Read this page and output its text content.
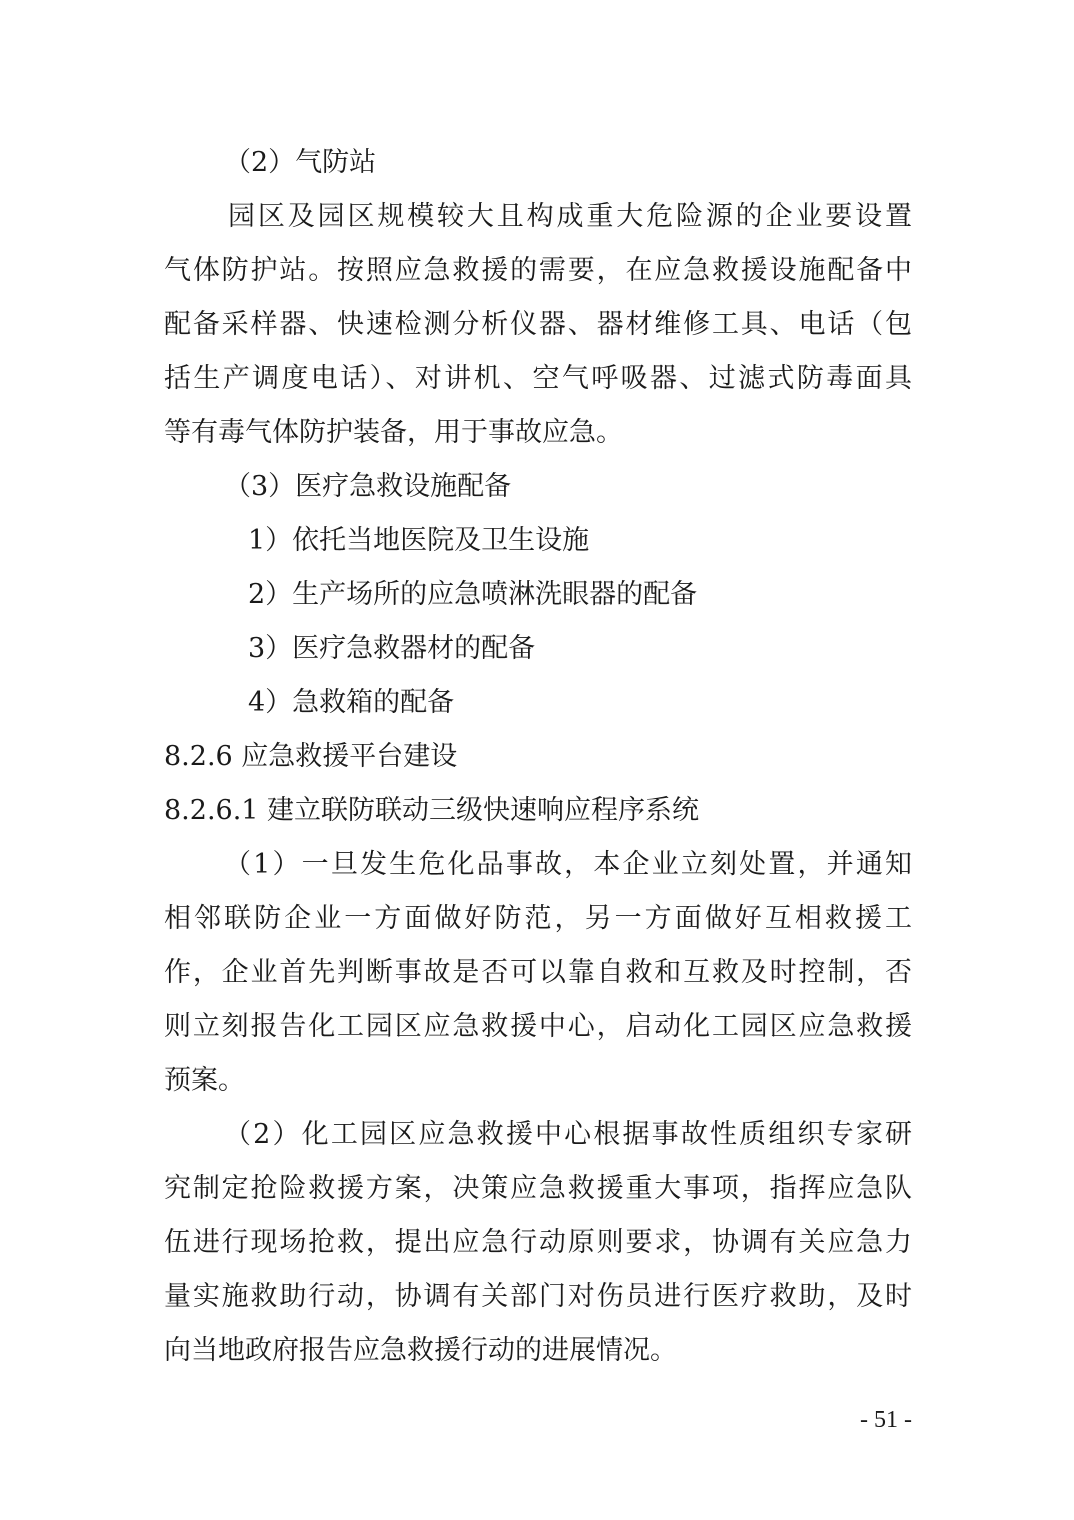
（2）气防站
园区及园区规模较大且构成重大危险源的企业要设置
气体防护站。按照应急救援的需要，在应急救援设施配备中
配备采样器、快速检测分析仪器、器材维修工具、电话（包
括生产调度电话）、对讲机、空气呼吸器、过滤式防毒面具
等有毒气体防护装备，用于事故应急。
（3）医疗急救设施配备
1）依托当地医院及卫生设施
2）生产场所的应急喷淋洗眼器的配备
3）医疗急救器材的配备
4）急救箱的配备
8.2.6 应急救援平台建设
8.2.6.1 建立联防联动三级快速响应程序系统
（1）一旦发生危化品事故，本企业立刻处置，并通知
相邻联防企业一方面做好防范，另一方面做好互相救援工
作，企业首先判断事故是否可以靠自救和互救及时控制，否
则立刻报告化工园区应急救援中心，启动化工园区应急救援
预案。
（2）化工园区应急救援中心根据事故性质组织专家研
究制定抢险救援方案，决策应急救援重大事项，指挥应急队
伍进行现场抢救，提出应急行动原则要求，协调有关应急力
量实施救助行动，协调有关部门对伤员进行医疗救助，及时
向当地政府报告应急救援行动的进展情况。
- 51 -
